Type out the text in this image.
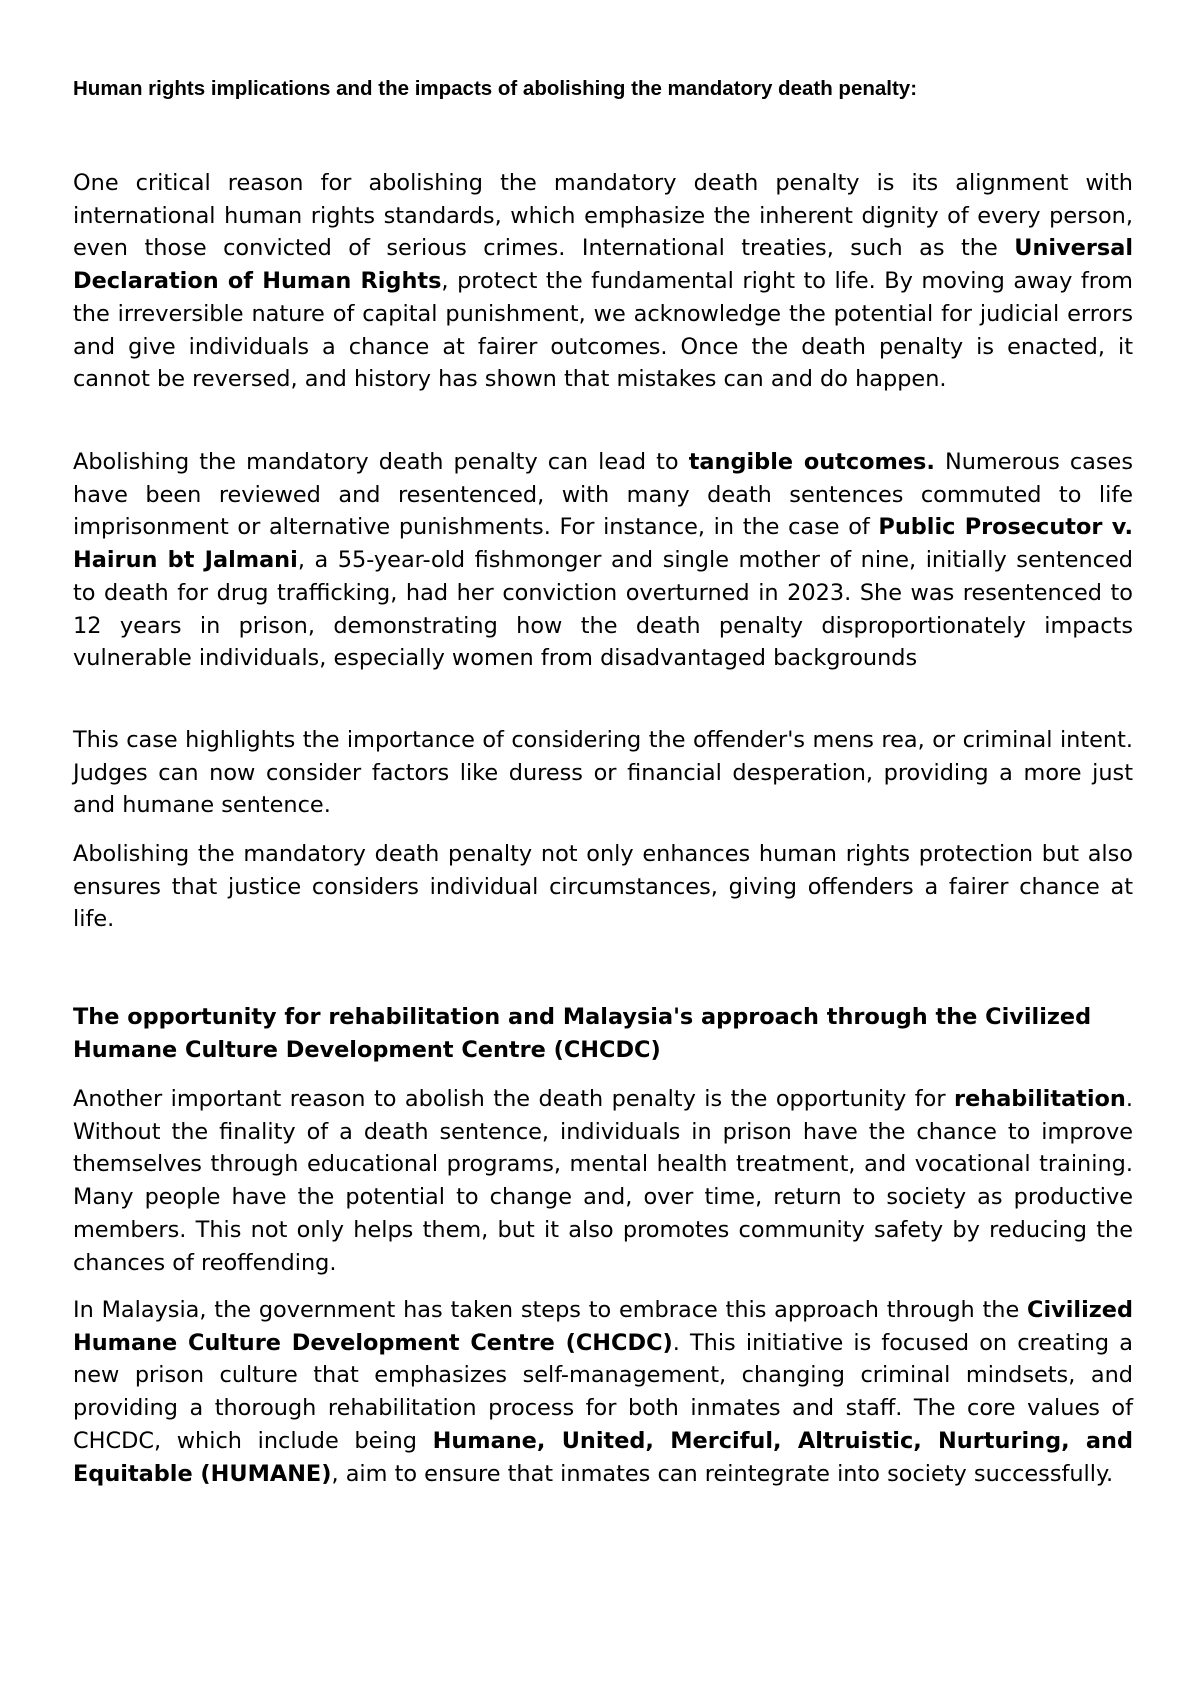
Human rights implications and the impacts of abolishing the mandatory death penalty:

One critical reason for abolishing the mandatory death penalty is its alignment with international human rights standards, which emphasize the inherent dignity of every person, even those convicted of serious crimes. International treaties, such as the Universal Declaration of Human Rights, protect the fundamental right to life. By moving away from the irreversible nature of capital punishment, we acknowledge the potential for judicial errors and give individuals a chance at fairer outcomes. Once the death penalty is enacted, it cannot be reversed, and history has shown that mistakes can and do happen.

Abolishing the mandatory death penalty can lead to tangible outcomes. Numerous cases have been reviewed and resentenced, with many death sentences commuted to life imprisonment or alternative punishments. For instance, in the case of Public Prosecutor v. Hairun bt Jalmani, a 55-year-old fishmonger and single mother of nine, initially sentenced to death for drug trafficking, had her conviction overturned in 2023. She was resentenced to 12 years in prison, demonstrating how the death penalty disproportionately impacts vulnerable individuals, especially women from disadvantaged backgrounds

This case highlights the importance of considering the offender's mens rea, or criminal intent. Judges can now consider factors like duress or financial desperation, providing a more just and humane sentence.

Abolishing the mandatory death penalty not only enhances human rights protection but also ensures that justice considers individual circumstances, giving offenders a fairer chance at life.

The opportunity for rehabilitation and Malaysia's approach through the Civilized Humane Culture Development Centre (CHCDC)

Another important reason to abolish the death penalty is the opportunity for rehabilitation. Without the finality of a death sentence, individuals in prison have the chance to improve themselves through educational programs, mental health treatment, and vocational training. Many people have the potential to change and, over time, return to society as productive members. This not only helps them, but it also promotes community safety by reducing the chances of reoffending.

In Malaysia, the government has taken steps to embrace this approach through the Civilized Humane Culture Development Centre (CHCDC). This initiative is focused on creating a new prison culture that emphasizes self-management, changing criminal mindsets, and providing a thorough rehabilitation process for both inmates and staff. The core values of CHCDC, which include being Humane, United, Merciful, Altruistic, Nurturing, and Equitable (HUMANE), aim to ensure that inmates can reintegrate into society successfully.
